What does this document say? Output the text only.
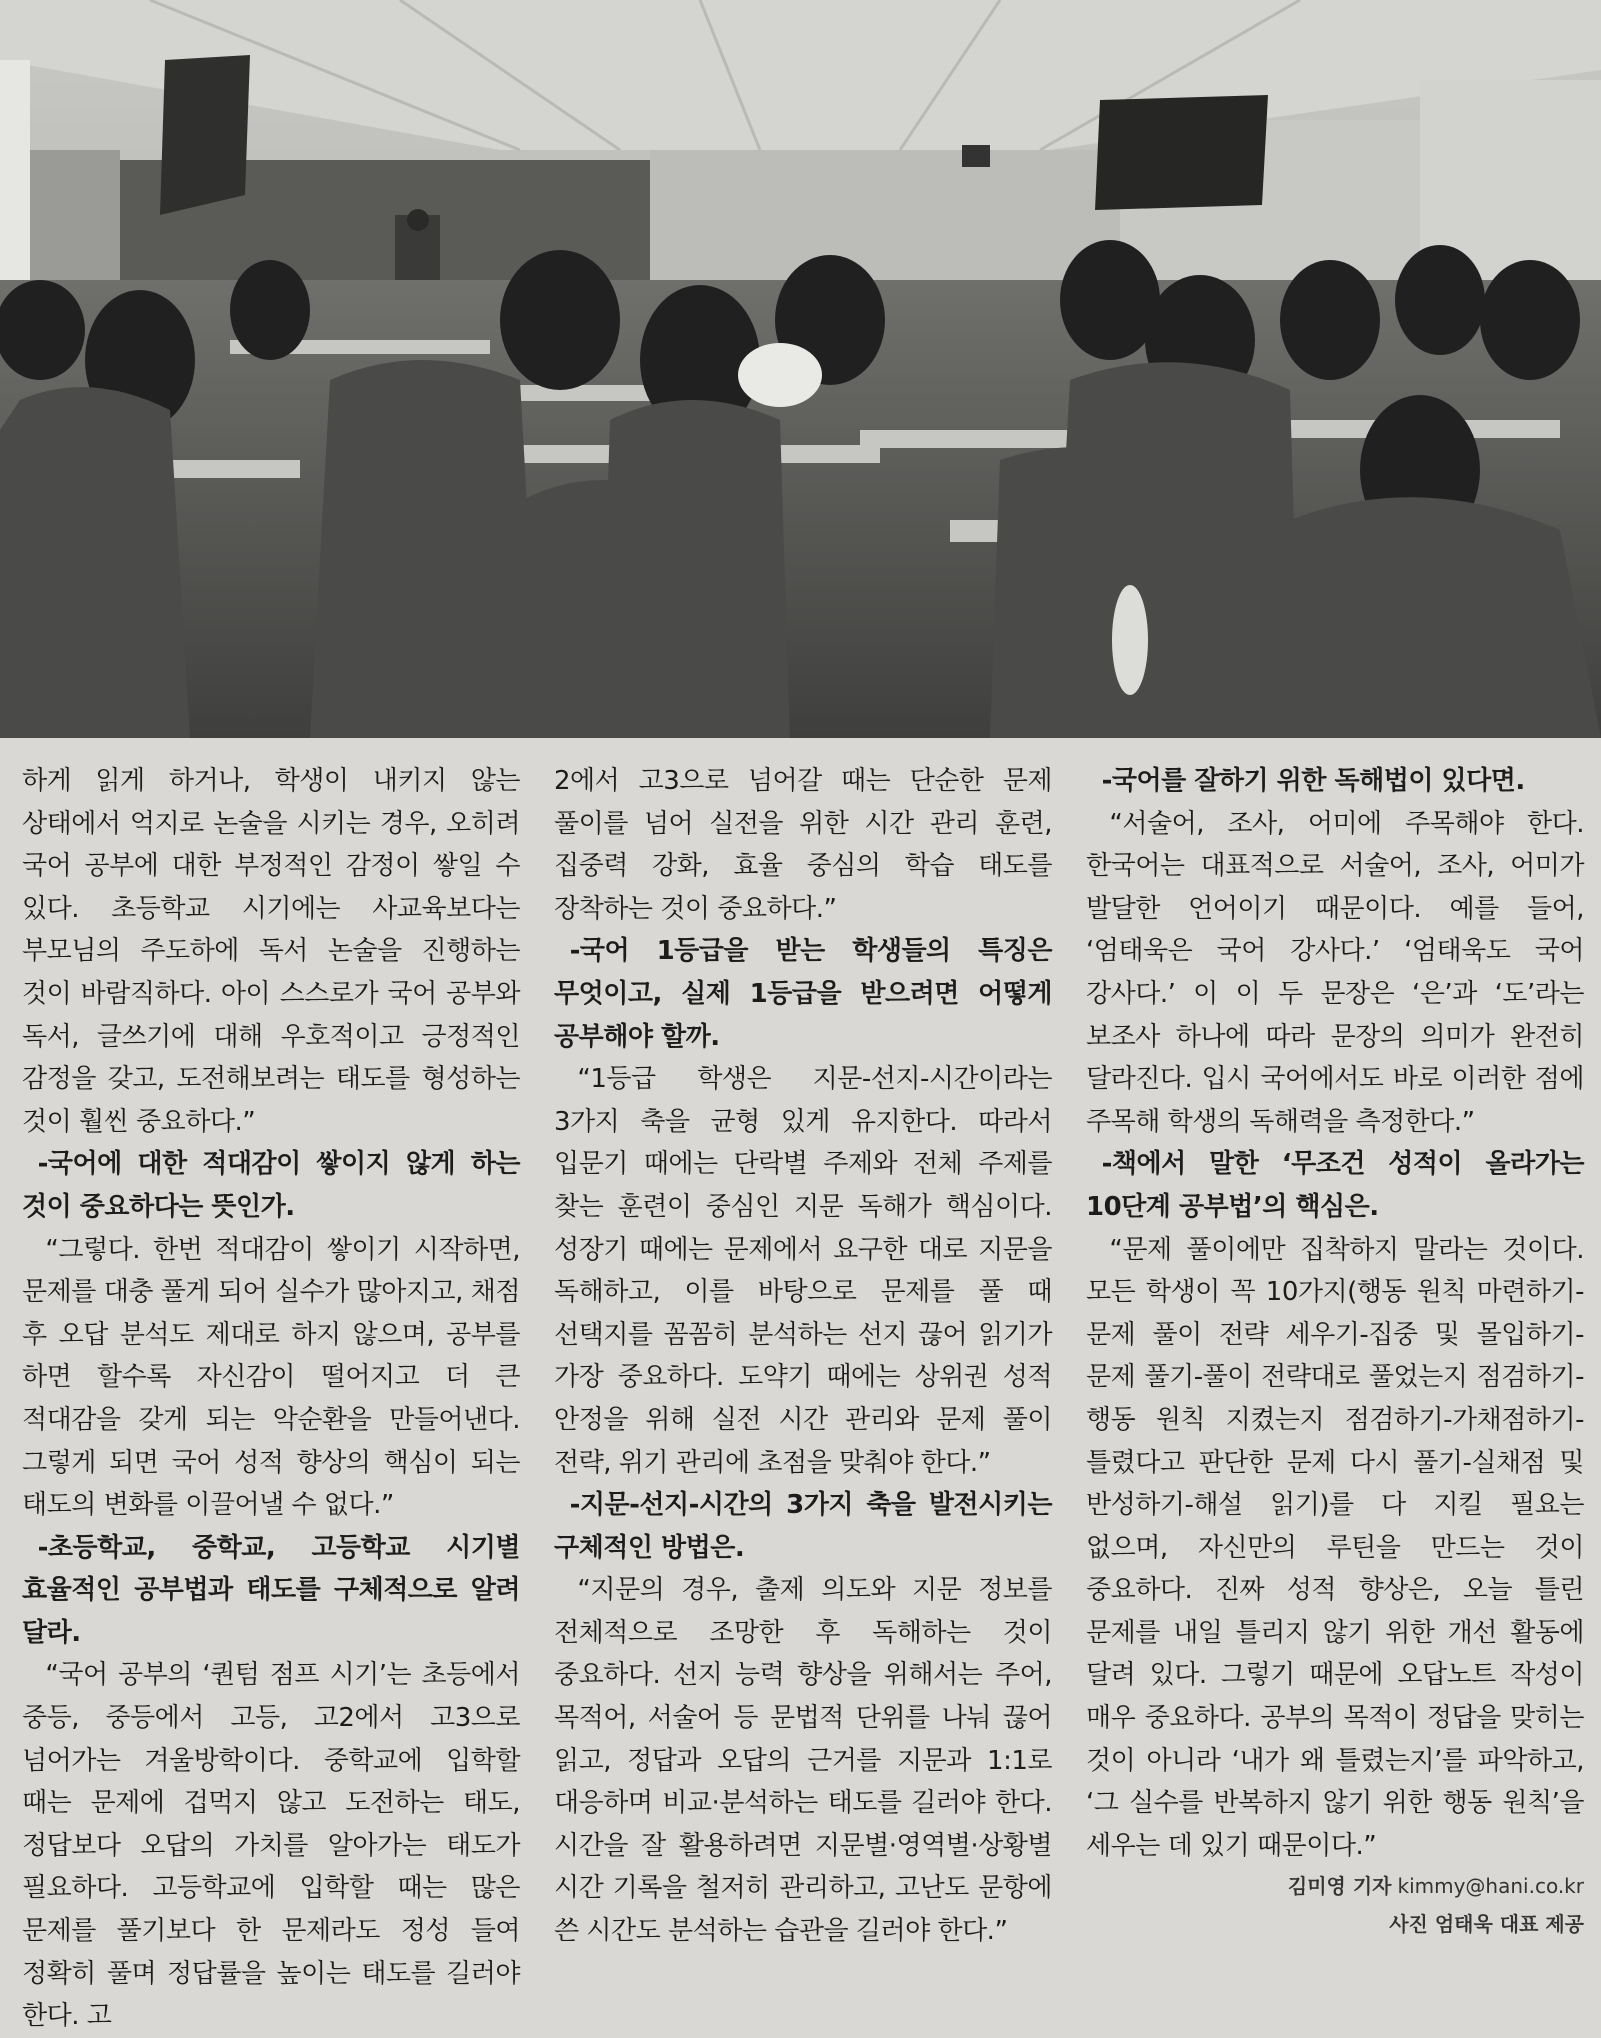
하게 읽게 하거나, 학생이 내키지 않는 상태에서 억지로 논술을 시키는 경우, 오히려 국어 공부에 대한 부정적인 감정이 쌓일 수 있다. 초등학교 시기에는 사교육보다는 부모님의 주도하에 독서 논술을 진행하는 것이 바람직하다. 아이 스스로가 국어 공부와 독서, 글쓰기에 대해 우호적이고 긍정적인 감정을 갖고, 도전해보려는 태도를 형성하는 것이 훨씬 중요하다.”

-국어에 대한 적대감이 쌓이지 않게 하는 것이 중요하다는 뜻인가.

“그렇다. 한번 적대감이 쌓이기 시작하면, 문제를 대충 풀게 되어 실수가 많아지고, 채점 후 오답 분석도 제대로 하지 않으며, 공부를 하면 할수록 자신감이 떨어지고 더 큰 적대감을 갖게 되는 악순환을 만들어낸다. 그렇게 되면 국어 성적 향상의 핵심이 되는 태도의 변화를 이끌어낼 수 없다.”

-초등학교, 중학교, 고등학교 시기별 효율적인 공부법과 태도를 구체적으로 알려 달라.

“국어 공부의 ‘퀀텀 점프 시기’는 초등에서 중등, 중등에서 고등, 고2에서 고3으로 넘어가는 겨울방학이다. 중학교에 입학할 때는 문제에 겁먹지 않고 도전하는 태도, 정답보다 오답의 가치를 알아가는 태도가 필요하다. 고등학교에 입학할 때는 많은 문제를 풀기보다 한 문제라도 정성 들여 정확히 풀며 정답률을 높이는 태도를 길러야 한다. 고

2에서 고3으로 넘어갈 때는 단순한 문제 풀이를 넘어 실전을 위한 시간 관리 훈련, 집중력 강화, 효율 중심의 학습 태도를 장착하는 것이 중요하다.”

-국어 1등급을 받는 학생들의 특징은 무엇이고, 실제 1등급을 받으려면 어떻게 공부해야 할까.

“1등급 학생은 지문-선지-시간이라는 3가지 축을 균형 있게 유지한다. 따라서 입문기 때에는 단락별 주제와 전체 주제를 찾는 훈련이 중심인 지문 독해가 핵심이다. 성장기 때에는 문제에서 요구한 대로 지문을 독해하고, 이를 바탕으로 문제를 풀 때 선택지를 꼼꼼히 분석하는 선지 끊어 읽기가 가장 중요하다. 도약기 때에는 상위권 성적 안정을 위해 실전 시간 관리와 문제 풀이 전략, 위기 관리에 초점을 맞춰야 한다.”

-지문-선지-시간의 3가지 축을 발전시키는 구체적인 방법은.

“지문의 경우, 출제 의도와 지문 정보를 전체적으로 조망한 후 독해하는 것이 중요하다. 선지 능력 향상을 위해서는 주어, 목적어, 서술어 등 문법적 단위를 나눠 끊어 읽고, 정답과 오답의 근거를 지문과 1:1로 대응하며 비교·분석하는 태도를 길러야 한다. 시간을 잘 활용하려면 지문별·영역별·상황별 시간 기록을 철저히 관리하고, 고난도 문항에 쓴 시간도 분석하는 습관을 길러야 한다.”

-국어를 잘하기 위한 독해법이 있다면.

“서술어, 조사, 어미에 주목해야 한다. 한국어는 대표적으로 서술어, 조사, 어미가 발달한 언어이기 때문이다. 예를 들어, ‘엄태욱은 국어 강사다.’ ‘엄태욱도 국어 강사다.’ 이 이 두 문장은 ‘은’과 ‘도’라는 보조사 하나에 따라 문장의 의미가 완전히 달라진다. 입시 국어에서도 바로 이러한 점에 주목해 학생의 독해력을 측정한다.”

-책에서 말한 ‘무조건 성적이 올라가는 10단계 공부법’의 핵심은.

“문제 풀이에만 집착하지 말라는 것이다. 모든 학생이 꼭 10가지(행동 원칙 마련하기-문제 풀이 전략 세우기-집중 및 몰입하기-문제 풀기-풀이 전략대로 풀었는지 점검하기-행동 원칙 지켰는지 점검하기-가채점하기-틀렸다고 판단한 문제 다시 풀기-실채점 및 반성하기-해설 읽기)를 다 지킬 필요는 없으며, 자신만의 루틴을 만드는 것이 중요하다. 진짜 성적 향상은, 오늘 틀린 문제를 내일 틀리지 않기 위한 개선 활동에 달려 있다. 그렇기 때문에 오답노트 작성이 매우 중요하다. 공부의 목적이 정답을 맞히는 것이 아니라 ‘내가 왜 틀렸는지’를 파악하고, ‘그 실수를 반복하지 않기 위한 행동 원칙’을 세우는 데 있기 때문이다.”

김미영 기자 kimmy@hani.co.kr

사진 엄태욱 대표 제공
